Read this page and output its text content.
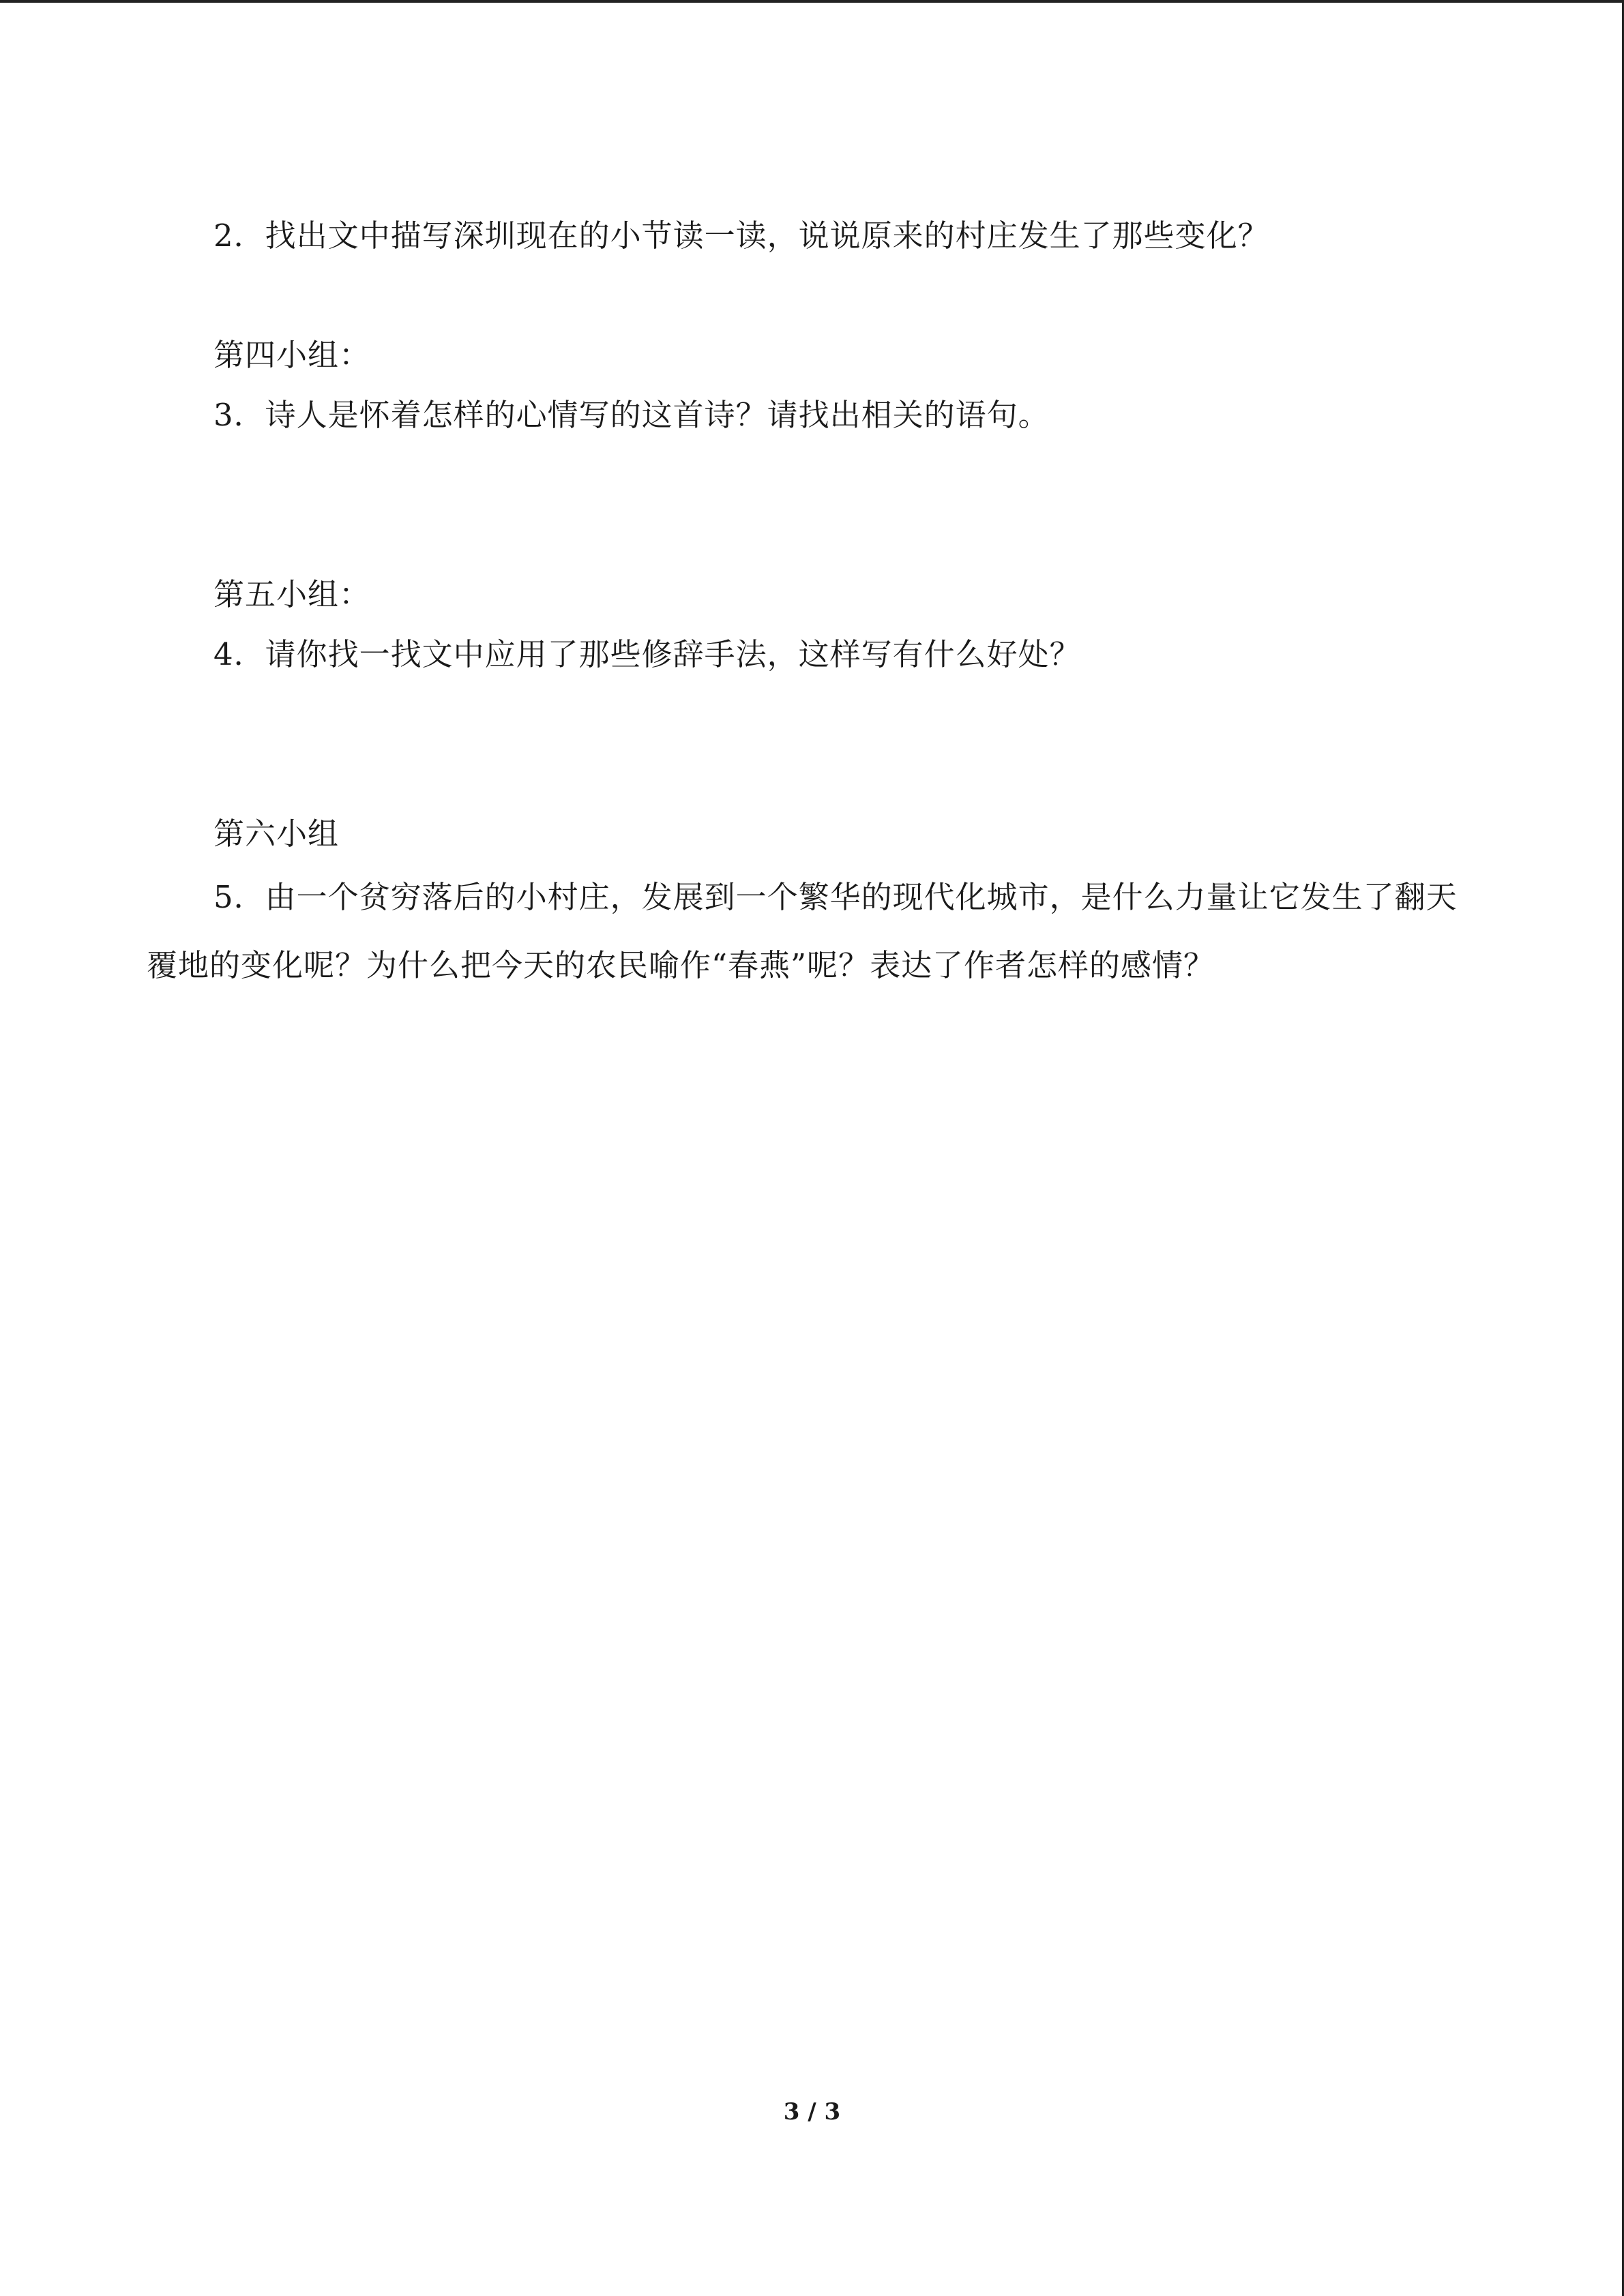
2．找出文中描写深圳现在的小节读一读，说说原来的村庄发生了那些变化？
第四小组：
3．诗人是怀着怎样的心情写的这首诗？请找出相关的语句。
第五小组：
4．请你找一找文中应用了那些修辞手法，这样写有什么好处？
第六小组
5．由一个贫穷落后的小村庄，发展到一个繁华的现代化城市，是什么力量让它发生了翻天覆地的变化呢？为什么把今天的农民喻作“春燕”呢？表达了作者怎样的感情？
3 / 3
